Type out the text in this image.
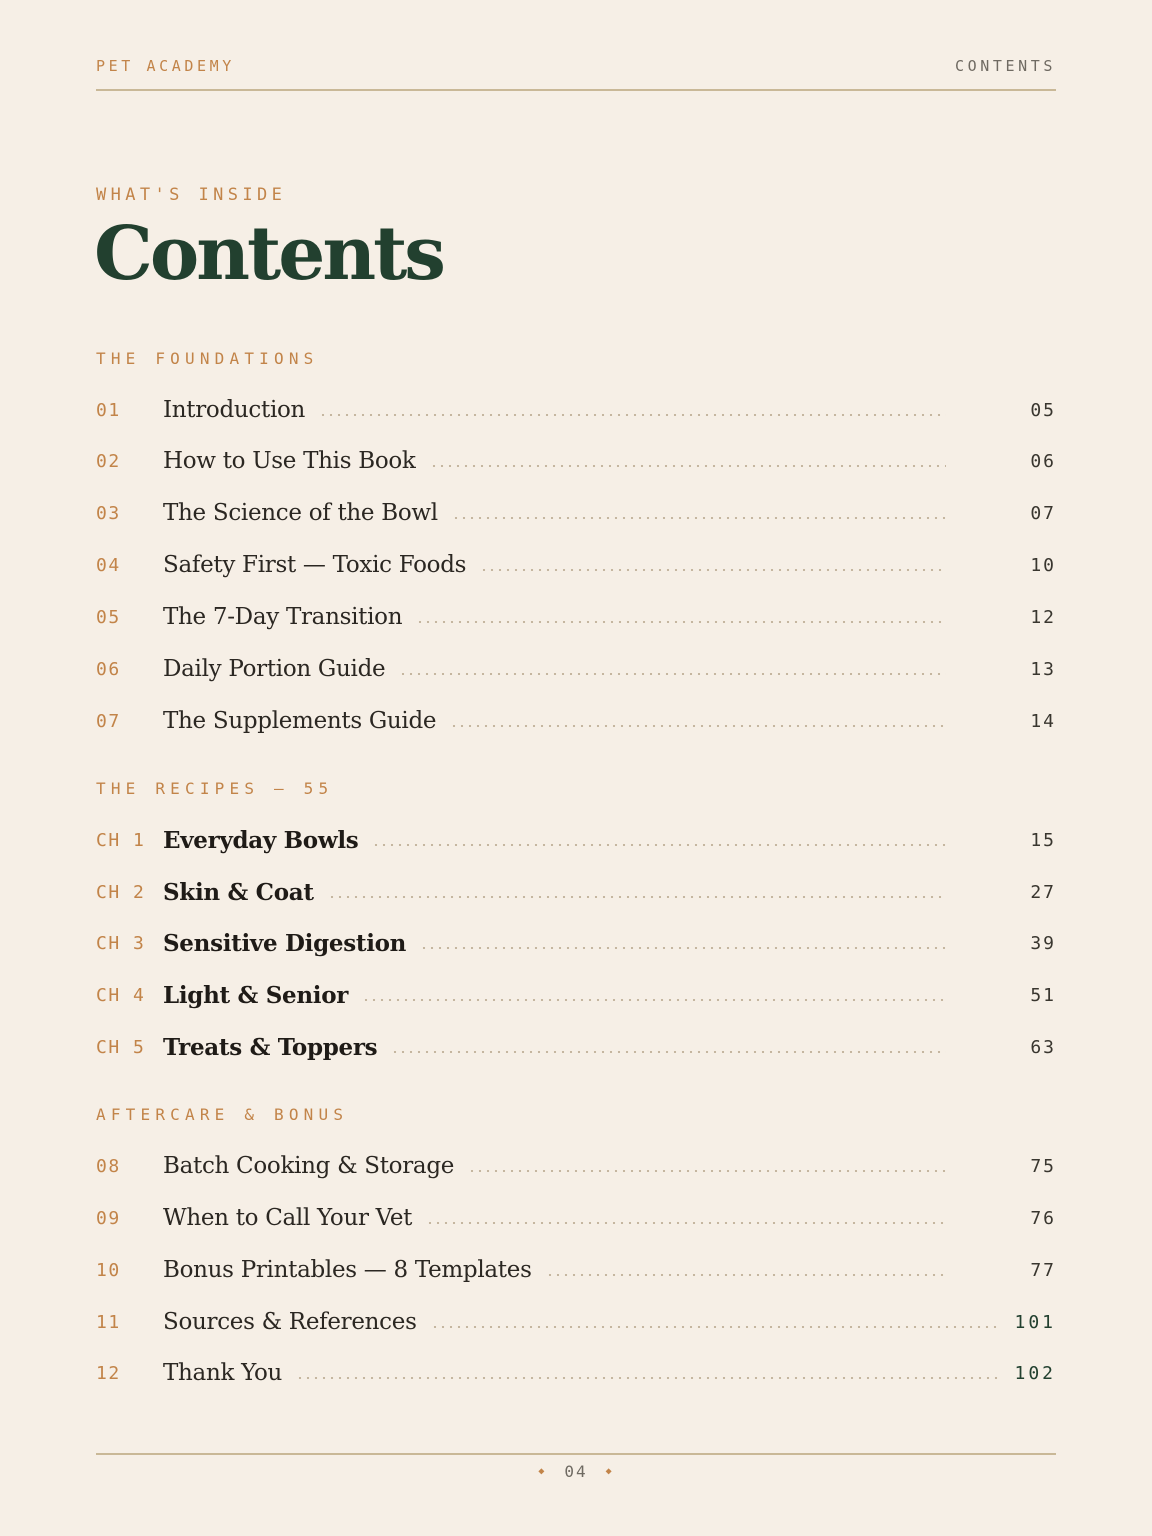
PET ACADEMY	CONTENTS
WHAT'S INSIDE
Contents
THE FOUNDATIONS
01	Introduction	05
02	How to Use This Book	06
03	The Science of the Bowl	07
04	Safety First — Toxic Foods	10
05	The 7-Day Transition	12
06	Daily Portion Guide	13
07	The Supplements Guide	14
THE RECIPES — 55
CH 1 Everyday Bowls	15
CH 2 Skin & Coat	27
CH 3 Sensitive Digestion	39
CH 4 Light & Senior	51
CH 5 Treats & Toppers	63
AFTERCARE & BONUS
08	Batch Cooking & Storage	75
09	When to Call Your Vet	76
10	Bonus Printables — 8 Templates	77
11	Sources & References	101
12	Thank You	102
◆ 04 ◆
